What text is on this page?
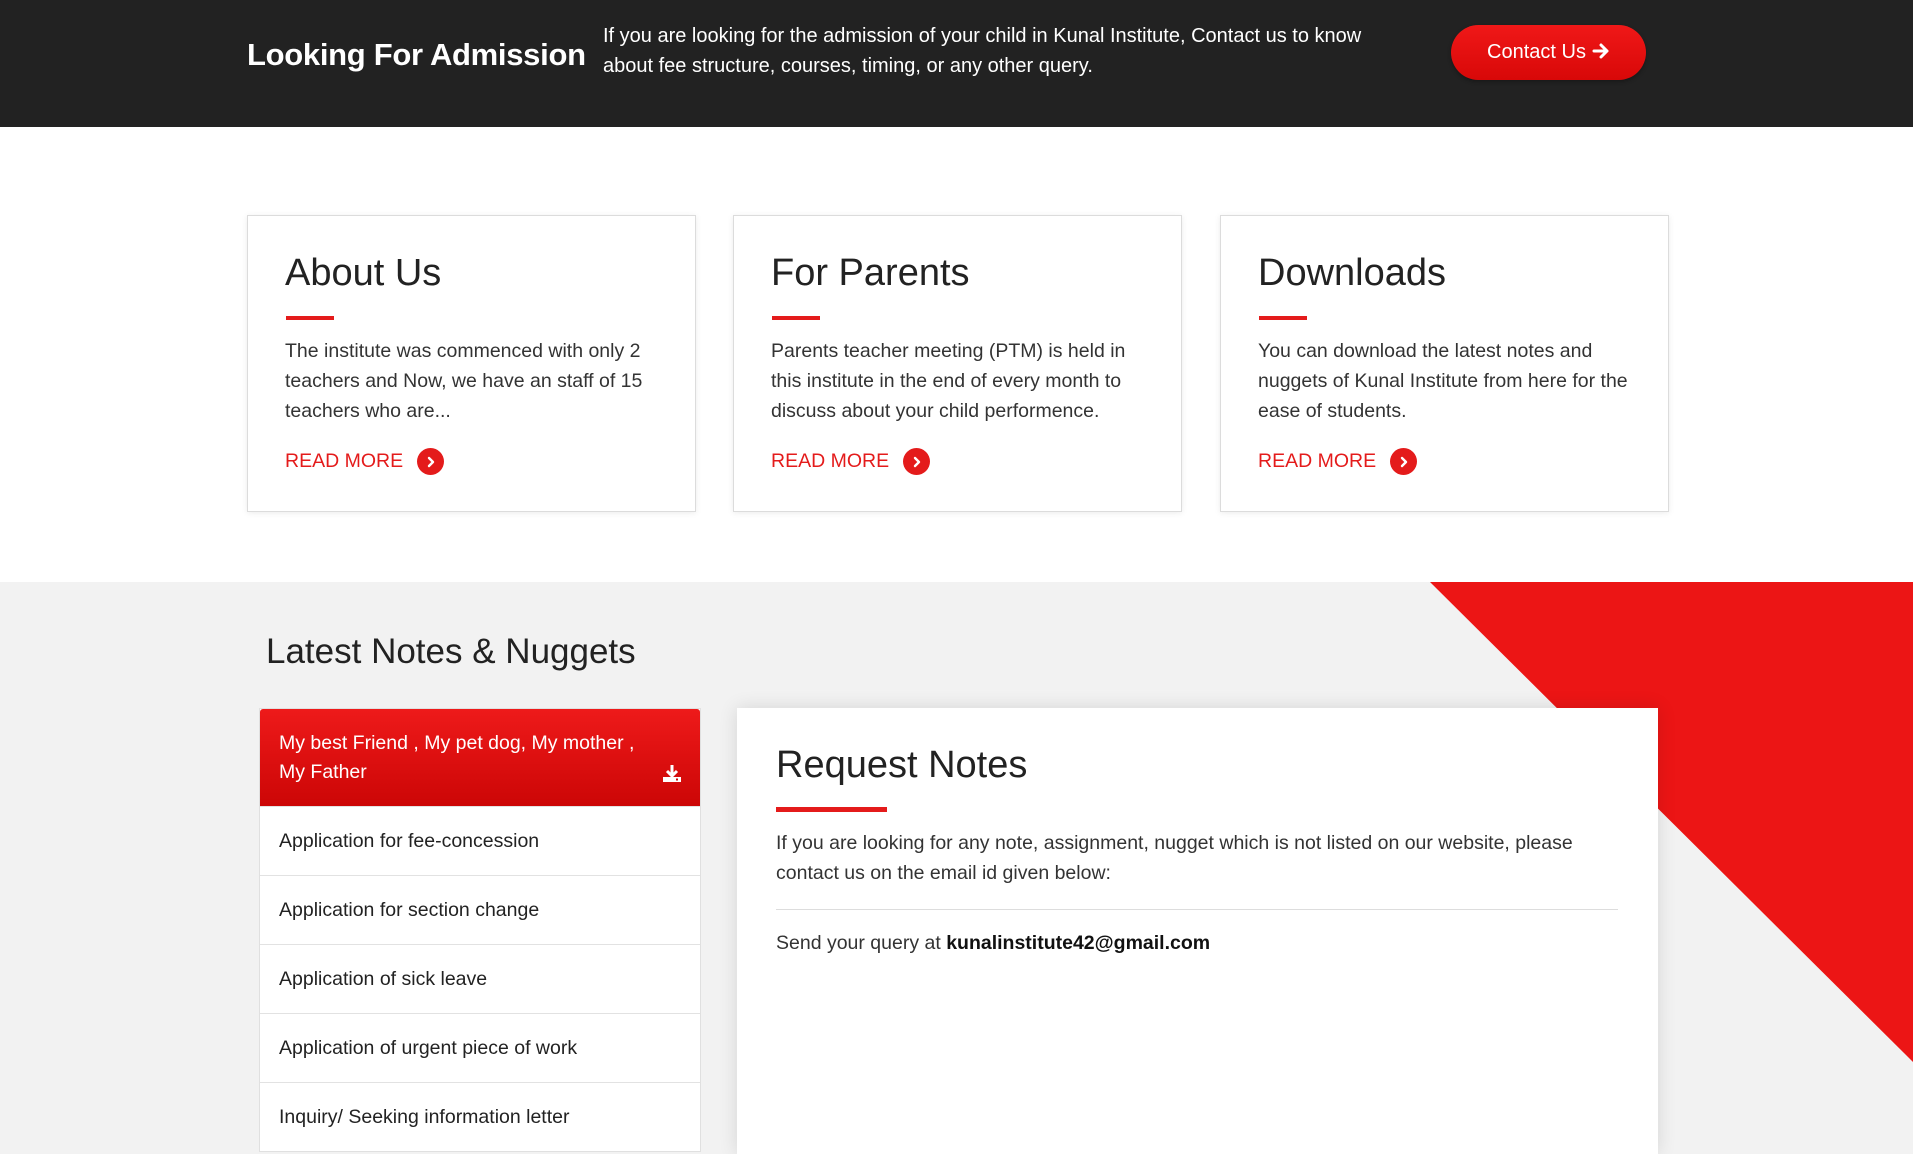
Looking For Admission
If you are looking for the admission of your child in Kunal Institute, Contact us to know about fee structure, courses, timing, or any other query.
Contact Us
About Us
The institute was commenced with only 2 teachers and Now, we have an staff of 15 teachers who are...
READ MORE
For Parents
Parents teacher meeting (PTM) is held in this institute in the end of every month to discuss about your child performence.
READ MORE
Downloads
You can download the latest notes and nuggets of Kunal Institute from here for the ease of students.
READ MORE
Latest Notes & Nuggets
My best Friend , My pet dog, My mother , My Father
Application for fee-concession
Application for section change
Application of sick leave
Application of urgent piece of work
Inquiry/ Seeking information letter
Request Notes
If you are looking for any note, assignment, nugget which is not listed on our website, please contact us on the email id given below:
Send your query at kunalinstitute42@gmail.com
